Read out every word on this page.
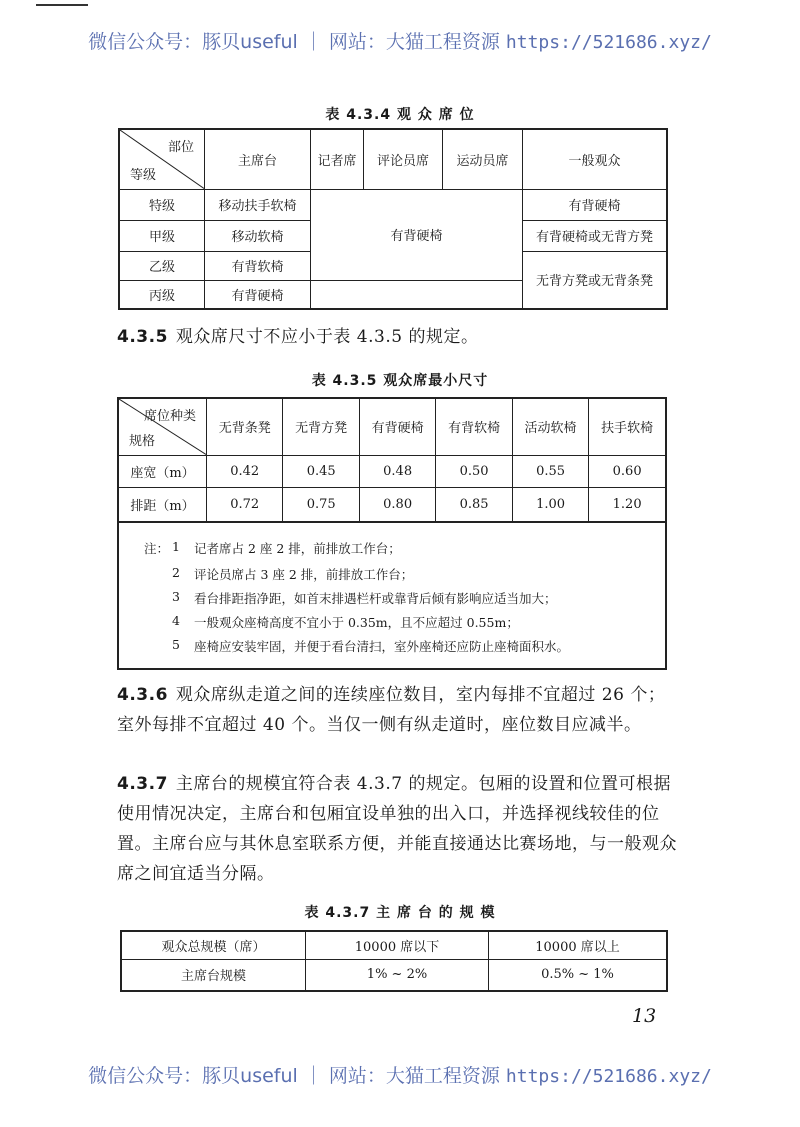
微信公众号：豚贝useful ｜ 网站：大猫工程资源 https://521686.xyz/
表 4.3.4 观 众 席 位
部位
等级	主席台	记者席	评论员席	运动员席	一般观众
特级	移动扶手软椅	有背硬椅			有背硬椅
甲级	移动软椅				有背硬椅或无背方凳
乙级	有背软椅				无背方凳或无背条凳
丙级	有背硬椅				
4.3.5 观众席尺寸不应小于表 4.3.5 的规定。
表 4.3.5 观众席最小尺寸
席位种类
规格	无背条凳	无背方凳	有背硬椅	有背软椅	活动软椅	扶手软椅
座宽（m）	0.42	0.45	0.48	0.50	0.55	0.60
排距（m）	0.72	0.75	0.80	0.85	1.00	1.20
注： 1 记者席占 2 座 2 排，前排放工作台；
2 评论员席占 3 座 2 排，前排放工作台；
3 看台排距指净距，如首末排遇栏杆或靠背后倾有影响应适当加大；
4 一般观众座椅高度不宜小于 0.35m，且不应超过 0.55m；
5 座椅应安装牢固，并便于看台清扫，室外座椅还应防止座椅面积水。
4.3.6 观众席纵走道之间的连续座位数目，室内每排不宜超过 26 个；室外每排不宜超过 40 个。当仅一侧有纵走道时，座位数目应减半。
4.3.7 主席台的规模宜符合表 4.3.7 的规定。包厢的设置和位置可根据使用情况决定，主席台和包厢宜设单独的出入口，并选择视线较佳的位置。主席台应与其休息室联系方便，并能直接通达比赛场地，与一般观众席之间宜适当分隔。
表 4.3.7 主 席 台 的 规 模
观众总规模（席）	10000 席以下	10000 席以上
主席台规模	1% ~ 2%	0.5% ~ 1%
13
微信公众号：豚贝useful ｜ 网站：大猫工程资源 https://521686.xyz/
